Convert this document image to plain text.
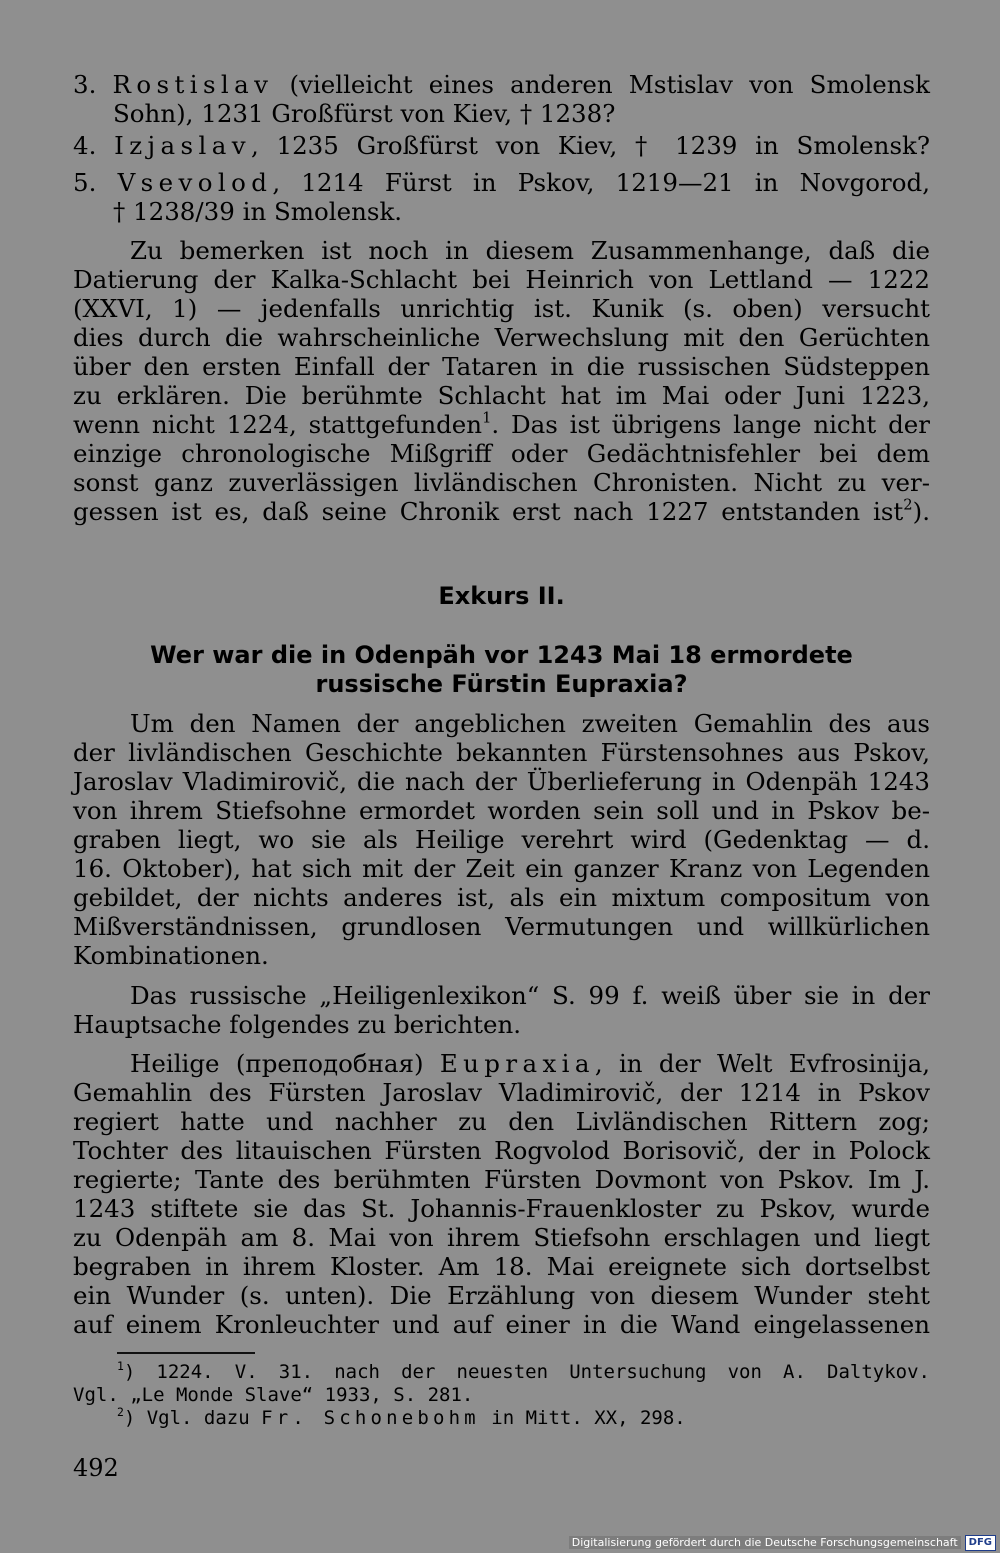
3. Rostislav (vielleicht eines anderen Mstislav von Smolensk
Sohn), 1231 Großfürst von Kiev, † 1238?
4. Izjaslav, 1235 Großfürst von Kiev, † 1239 in Smolensk?
5. Vsevolod, 1214 Fürst in Pskov, 1219—21 in Novgorod,
† 1238/39 in Smolensk.
Zu bemerken ist noch in diesem Zusammenhange, daß die
Datierung der Kalka-Schlacht bei Heinrich von Lettland — 1222
(XXVI, 1) — jedenfalls unrichtig ist. Kunik (s. oben) versucht
dies durch die wahrscheinliche Verwechslung mit den Gerüchten
über den ersten Einfall der Tataren in die russischen Südsteppen
zu erklären. Die berühmte Schlacht hat im Mai oder Juni 1223,
wenn nicht 1224, stattgefunden$^1$. Das ist übrigens lange nicht der
einzige chronologische Mißgriff oder Gedächtnisfehler bei dem
sonst ganz zuverlässigen livländischen Chronisten. Nicht zu ver-
gessen ist es, daß seine Chronik erst nach 1227 entstanden ist$^2$).
Exkurs II.
Wer war die in Odenpäh vor 1243 Mai 18 ermordete
russische Fürstin Eupraxia?
Um den Namen der angeblichen zweiten Gemahlin des aus
der livländischen Geschichte bekannten Fürstensohnes aus Pskov,
Jaroslav Vladimirovič, die nach der Überlieferung in Odenpäh 1243
von ihrem Stiefsohne ermordet worden sein soll und in Pskov be-
graben liegt, wo sie als Heilige verehrt wird (Gedenktag — d.
16. Oktober), hat sich mit der Zeit ein ganzer Kranz von Legenden
gebildet, der nichts anderes ist, als ein mixtum compositum von
Mißverständnissen, grundlosen Vermutungen und willkürlichen
Kombinationen.
Das russische „Heiligenlexikon“ S. 99 f. weiß über sie in der
Hauptsache folgendes zu berichten.
Heilige (преподобная) Eupraxia, in der Welt Evfrosinija,
Gemahlin des Fürsten Jaroslav Vladimirovič, der 1214 in Pskov
regiert hatte und nachher zu den Livländischen Rittern zog;
Tochter des litauischen Fürsten Rogvolod Borisovič, der in Polock
regierte; Tante des berühmten Fürsten Dovmont von Pskov. Im J.
1243 stiftete sie das St. Johannis-Frauenkloster zu Pskov, wurde
zu Odenpäh am 8. Mai von ihrem Stiefsohn erschlagen und liegt
begraben in ihrem Kloster. Am 18. Mai ereignete sich dortselbst
ein Wunder (s. unten). Die Erzählung von diesem Wunder steht
auf einem Kronleuchter und auf einer in die Wand eingelassenen
$^1$) 1224. V. 31. nach der neuesten Untersuchung von A. Daltykov.
Vgl. „Le Monde Slave“ 1933, S. 281.
$^2$) Vgl. dazu Fr. Schonebohm in Mitt. XX, 298.
492
Digitalisierung gefördert durch die Deutsche Forschungsgemeinschaft	DFG
